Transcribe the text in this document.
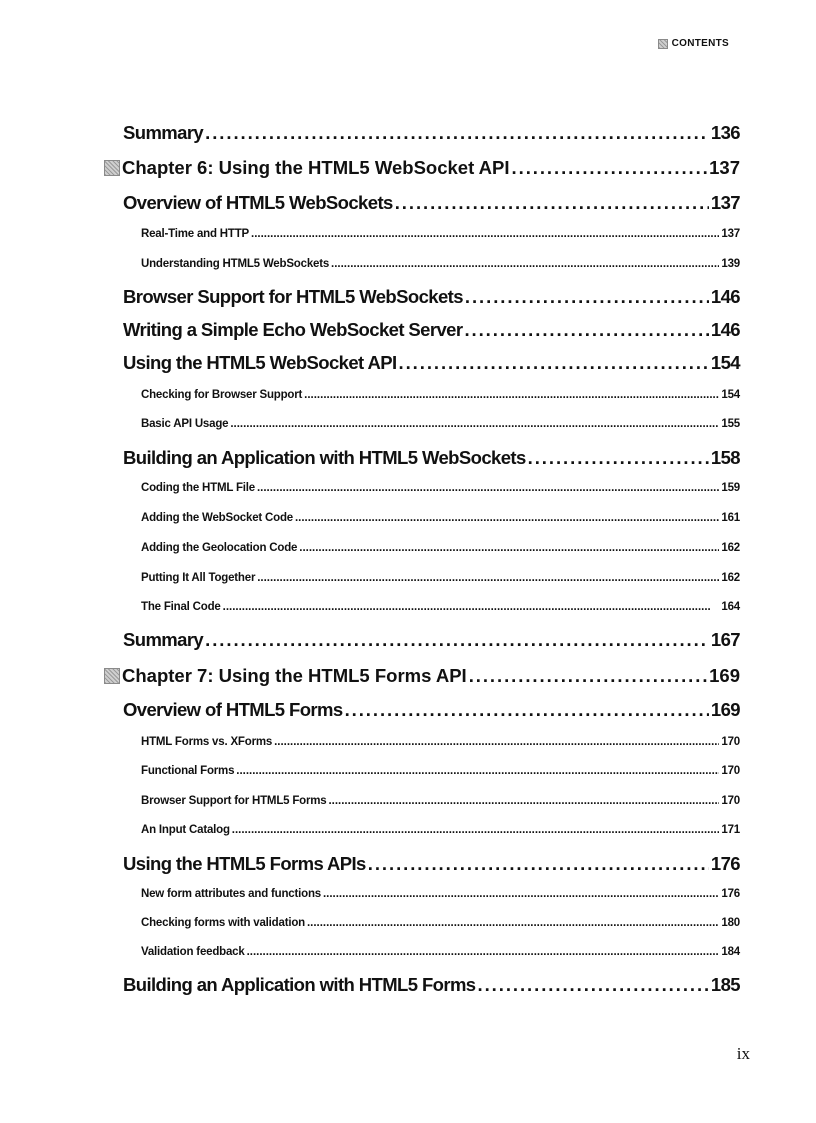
CONTENTS
Summary . . .	136
Chapter 6: Using the HTML5 WebSocket API . . .	137
Overview of HTML5 WebSockets . . .	137
Real-Time and HTTP . . .	137
Understanding HTML5 WebSockets . . .	139
Browser Support for HTML5 WebSockets . . .	146
Writing a Simple Echo WebSocket Server . . .	146
Using the HTML5 WebSocket API . . .	154
Checking for Browser Support . . .	154
Basic API Usage . . .	155
Building an Application with HTML5 WebSockets . . .	158
Coding the HTML File . . .	159
Adding the WebSocket Code . . .	161
Adding the Geolocation Code . . .	162
Putting It All Together . . .	162
The Final Code . . .	164
Summary . . .	167
Chapter 7: Using the HTML5 Forms API . . .	169
Overview of HTML5 Forms . . .	169
HTML Forms vs. XForms . . .	170
Functional Forms . . .	170
Browser Support for HTML5 Forms . . .	170
An Input Catalog . . .	171
Using the HTML5 Forms APIs . . .	176
New form attributes and functions . . .	176
Checking forms with validation . . .	180
Validation feedback . . .	184
Building an Application with HTML5 Forms . . .	185
ix
